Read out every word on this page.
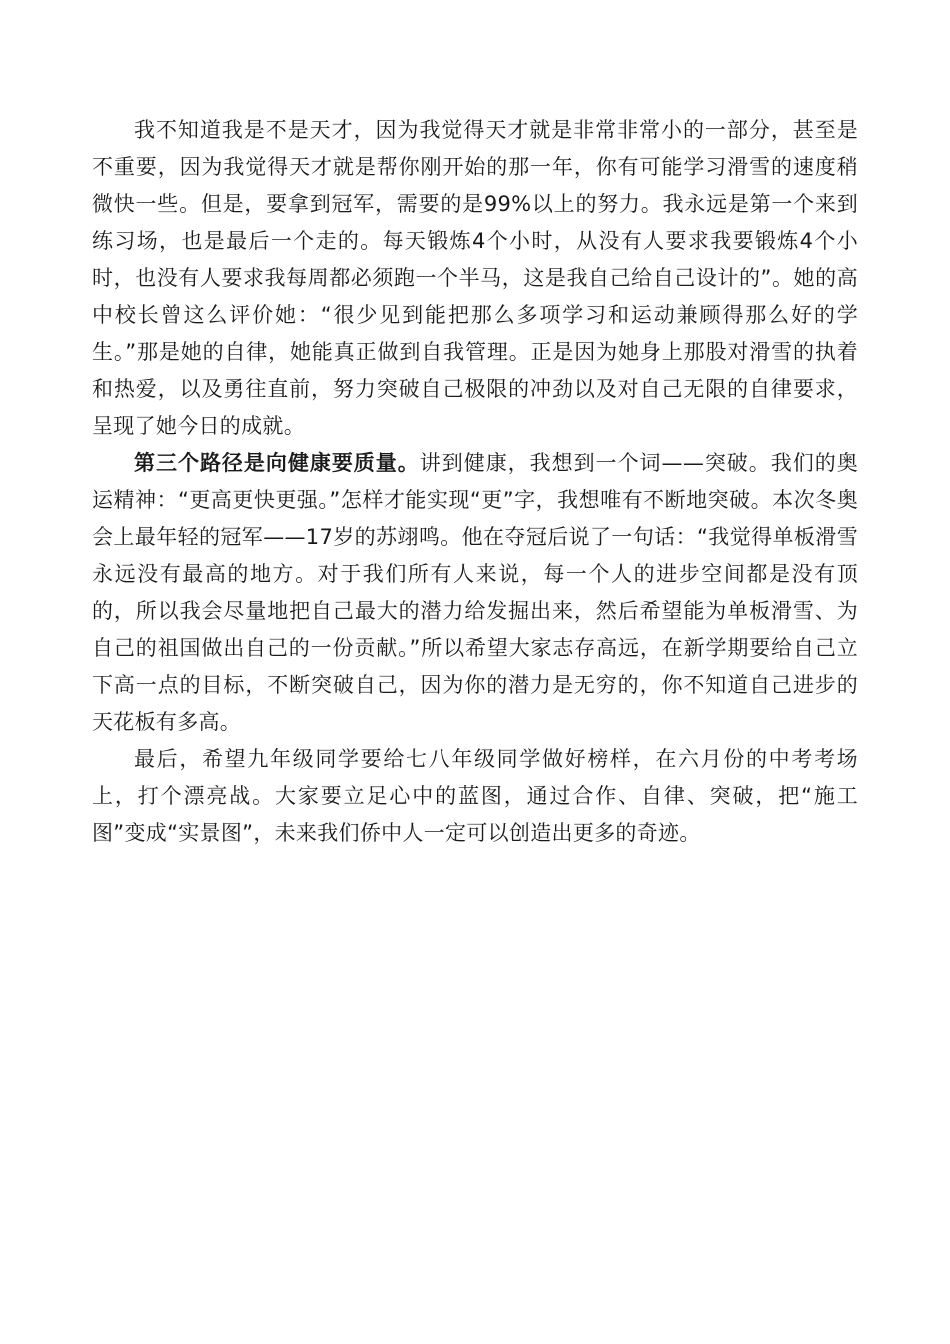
我不知道我是不是天才，因为我觉得天才就是非常非常小的一部分，甚至是不重要，因为我觉得天才就是帮你刚开始的那一年，你有可能学习滑雪的速度稍微快一些。但是，要拿到冠军，需要的是99%以上的努力。我永远是第一个来到练习场，也是最后一个走的。每天锻炼4个小时，从没有人要求我要锻炼4个小时，也没有人要求我每周都必须跑一个半马，这是我自己给自己设计的”。她的高中校长曾这么评价她：“很少见到能把那么多项学习和运动兼顾得那么好的学生。”那是她的自律，她能真正做到自我管理。正是因为她身上那股对滑雪的执着和热爱，以及勇往直前，努力突破自己极限的冲劲以及对自己无限的自律要求，呈现了她今日的成就。

第三个路径是向健康要质量。讲到健康，我想到一个词——突破。我们的奥运精神：“更高更快更强。”怎样才能实现“更”字，我想唯有不断地突破。本次冬奥会上最年轻的冠军——17岁的苏翊鸣。他在夺冠后说了一句话：“我觉得单板滑雪永远没有最高的地方。对于我们所有人来说，每一个人的进步空间都是没有顶的，所以我会尽量地把自己最大的潜力给发掘出来，然后希望能为单板滑雪、为自己的祖国做出自己的一份贡献。”所以希望大家志存高远，在新学期要给自己立下高一点的目标，不断突破自己，因为你的潜力是无穷的，你不知道自己进步的天花板有多高。

最后，希望九年级同学要给七八年级同学做好榜样，在六月份的中考考场上，打个漂亮战。大家要立足心中的蓝图，通过合作、自律、突破，把“施工图”变成“实景图”，未来我们侨中人一定可以创造出更多的奇迹。
